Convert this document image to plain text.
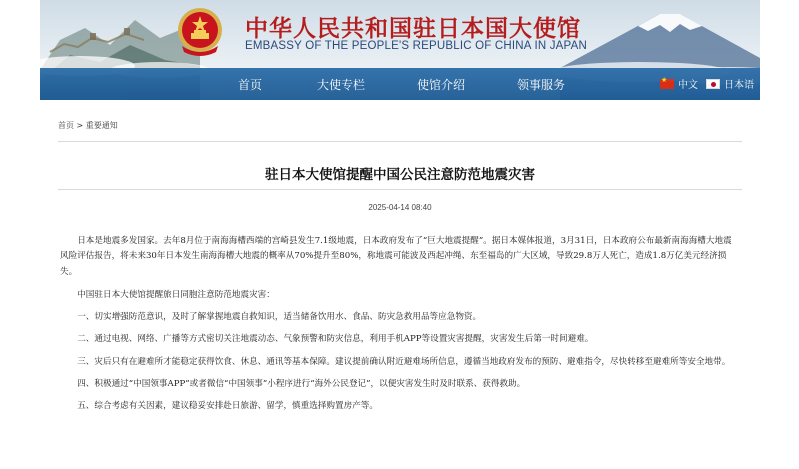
中华人民共和国驻日本国大使馆
EMBASSY OF THE PEOPLE'S REPUBLIC OF CHINA IN JAPAN
首页	大使专栏	使馆介绍	领事服务
★	中文	日本语
首页 > 重要通知
驻日本大使馆提醒中国公民注意防范地震灾害
2025-04-14 08:40

日本是地震多发国家。去年8月位于南海海槽西端的宫崎县发生7.1级地震，日本政府发布了“巨大地震提醒”。据日本媒体报道，3月31日，日本政府公布最新南海海槽大地震风险评估报告，将未来30年日本发生南海海槽大地震的概率从70%提升至80%，称地震可能波及西起冲绳、东至福岛的广大区域，导致29.8万人死亡，造成1.8万亿美元经济损失。

中国驻日本大使馆提醒旅日同胞注意防范地震灾害：

一、切实增强防范意识，及时了解掌握地震自救知识，适当储备饮用水、食品、防灾急救用品等应急物资。

二、通过电视、网络、广播等方式密切关注地震动态、气象预警和防灾信息，利用手机APP等设置灾害提醒，灾害发生后第一时间避难。

三、灾后只有在避难所才能稳定获得饮食、休息、通讯等基本保障。建议提前确认附近避难场所信息，遵循当地政府发布的预防、避难指令，尽快转移至避难所等安全地带。

四、积极通过“中国领事APP”或者微信“中国领事”小程序进行“海外公民登记”，以便灾害发生时及时联系、获得救助。

五、综合考虑有关因素，建议稳妥安排赴日旅游、留学，慎重选择购置房产等。
